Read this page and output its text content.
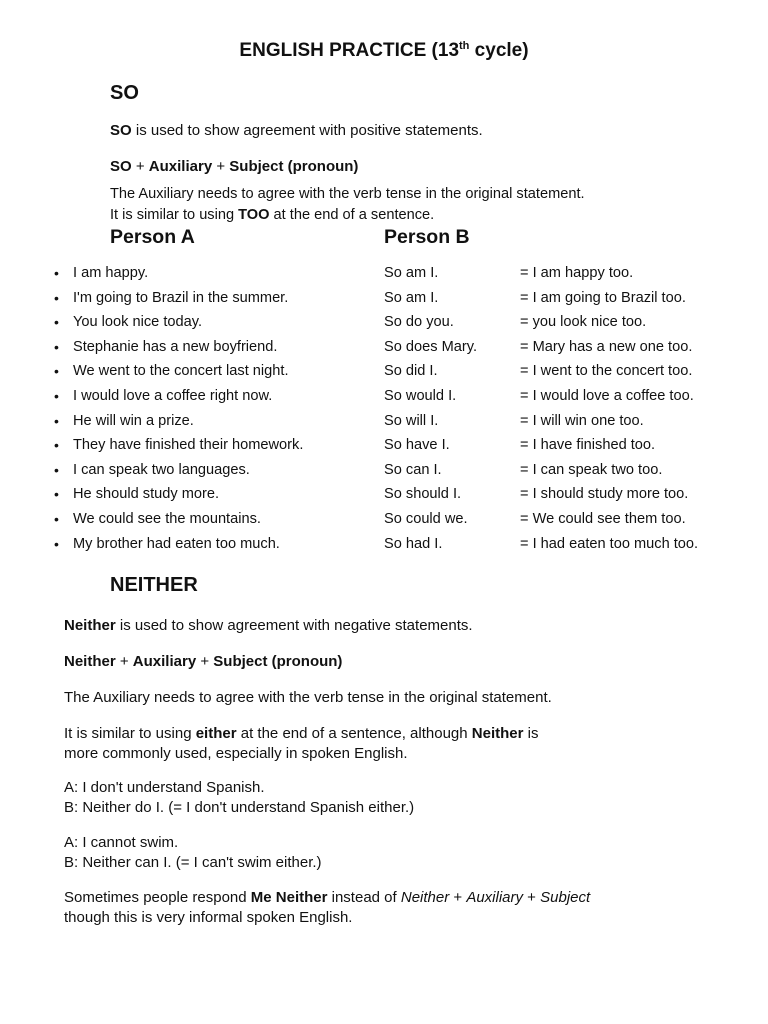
ENGLISH PRACTICE (13th cycle)
SO
SO is used to show agreement with positive statements.
SO + Auxiliary + Subject (pronoun)
The Auxiliary needs to agree with the verb tense in the original statement.
It is similar to using TOO at the end of a sentence.
Person A	Person B
• I am happy.	So am I.	= I am happy too.
• I'm going to Brazil in the summer.	So am I.	= I am going to Brazil too.
• You look nice today.	So do you.	= you look nice too.
• Stephanie has a new boyfriend.	So does Mary.	= Mary has a new one too.
• We went to the concert last night.	So did I.	= I went to the concert too.
• I would love a coffee right now.	So would I.	= I would love a coffee too.
• He will win a prize.	So will I.	= I will win one too.
• They have finished their homework.	So have I.	= I have finished too.
• I can speak two languages.	So can I.	= I can speak two too.
• He should study more.	So should I.	= I should study more too.
• We could see the mountains.	So could we.	= We could see them too.
• My brother had eaten too much.	So had I.	= I had eaten too much too.
NEITHER
Neither is used to show agreement with negative statements.
Neither + Auxiliary + Subject (pronoun)
The Auxiliary needs to agree with the verb tense in the original statement.
It is similar to using either at the end of a sentence, although Neither is
more commonly used, especially in spoken English.
A: I don't understand Spanish.
B: Neither do I. (= I don't understand Spanish either.)
A: I cannot swim.
B: Neither can I. (= I can't swim either.)
Sometimes people respond Me Neither instead of Neither + Auxiliary + Subject
though this is very informal spoken English.
